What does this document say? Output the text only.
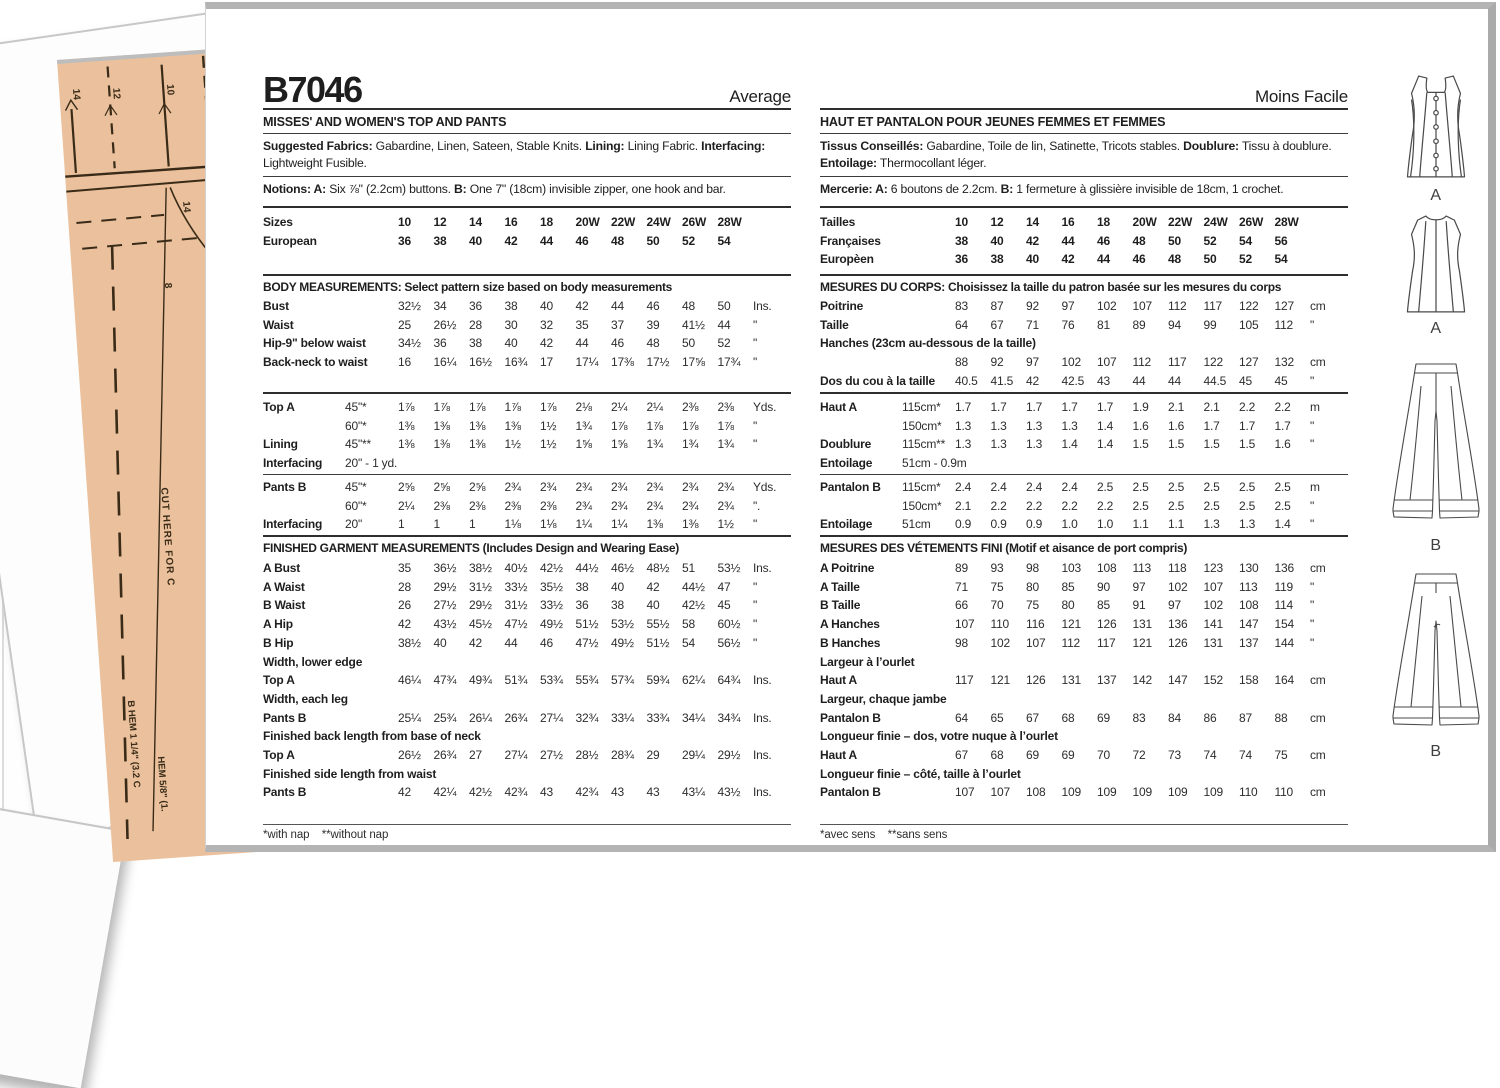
14	12	10
14
8
CUT HERE FOR C
B HEM 1 1/4" (3.2 C HEM 5/8" (1.
B7046	Average
MISSES' AND WOMEN'S TOP AND PANTS
Suggested Fabrics: Gabardine, Linen, Sateen, Stable Knits. Lining: Lining Fabric. Interfacing: Lightweight Fusible.
Notions: A: Six ⅞" (2.2cm) buttons. B: One 7" (18cm) invisible zipper, one hook and bar.
Sizes	10	12	14	16	18	20W 22W 24W 26W 28W
European	36	38	40	42	44	46	48	50	52	54
BODY MEASUREMENTS: Select pattern size based on body measurements
Bust	32½	34	36	38	40	42	44	46	48	50	Ins.
Waist	25	26½	28	30	32	35	37	39	41½	44	"
Hip-9" below waist	34½	36	38	40	42	44	46	48	50	52	"
Back-neck to waist	16	16¼	16½	16¾	17	17¼	17⅜	17½	17⅝	17¾	"
Top A	45"*	1⅞	1⅞	1⅞	1⅞	1⅞	2⅛	2¼	2¼	2⅜	2⅜	Yds.
60"*	1⅜	1⅜	1⅜	1⅜	1½	1¾	1⅞	1⅞	1⅞	1⅞	"
Lining	45"**	1⅜	1⅜	1⅜	1½	1½	1⅝	1⅝	1¾	1¾	1¾	"
Interfacing	20" - 1 yd.
Pants B	45"*	2⅝	2⅝	2⅝	2¾	2¾	2¾	2¾	2¾	2¾	2¾	Yds.
60"*	2¼	2⅜	2⅜	2⅜	2⅜	2¾	2¾	2¾	2¾	2¾	".
Interfacing	20"	1	1	1	1⅛	1⅛	1¼	1¼	1⅜	1⅜	1½	"
FINISHED GARMENT MEASUREMENTS (Includes Design and Wearing Ease)
A Bust	35	36½	38½	40½	42½	44½	46½	48½	51	53½	Ins.
A Waist	28	29½	31½	33½	35½	38	40	42	44½	47	"
B Waist	26	27½	29½	31½	33½	36	38	40	42½	45	"
A Hip	42	43½	45½	47½	49½	51½	53½	55½	58	60½	"
B Hip	38½	40	42	44	46	47½	49½	51½	54	56½	"
Width, lower edge
Top A	46¼	47¾	49¾	51¾	53¾	55¾	57¾	59¾	62¼	64¾	Ins.
Width, each leg
Pants B	25¼	25¾	26¼	26¾	27¼	32¾	33¼	33¾	34¼	34¾	Ins.
Finished back length from base of neck
Top A	26½	26¾	27	27¼	27½	28½	28¾	29	29¼	29½	Ins.
Finished side length from waist
Pants B	42	42¼	42½	42¾	43	42¾	43	43	43¼	43½	Ins.
*with nap    **without nap
Moins Facile
HAUT ET PANTALON POUR JEUNES FEMMES ET FEMMES
Tissus Conseillés: Gabardine, Toile de lin, Satinette, Tricots stables. Doublure: Tissu à doublure. Entoilage: Thermocollant léger.
Mercerie: A: 6 boutons de 2.2cm. B: 1 fermeture à glissière invisible de 18cm, 1 crochet.
Tailles	10	12	14	16	18	20W 22W 24W 26W 28W
Françaises	38	40	42	44	46	48	50	52	54	56
Europèen	36	38	40	42	44	46	48	50	52	54
MESURES DU CORPS: Choisissez la taille du patron basée sur les mesures du corps
Poitrine	83	87	92	97	102	107	112	117	122	127	cm
Taille	64	67	71	76	81	89	94	99	105	112	"
Hanches (23cm au-dessous de la taille)
88	92	97	102	107	112	117	122	127	132	cm
Dos du cou à la taille 40.5	41.5	42	42.5	43	44	44	44.5	45	45	"
Haut A	115cm*	1.7	1.7	1.7	1.7	1.7	1.9	2.1	2.1	2.2	2.2	m
150cm*	1.3	1.3	1.3	1.3	1.4	1.6	1.6	1.7	1.7	1.7	"
Doublure	115cm** 1.3	1.3	1.3	1.4	1.4	1.5	1.5	1.5	1.5	1.6	"
Entoilage	51cm - 0.9m
Pantalon B	115cm*	2.4	2.4	2.4	2.4	2.5	2.5	2.5	2.5	2.5	2.5	m
150cm*	2.1	2.2	2.2	2.2	2.2	2.5	2.5	2.5	2.5	2.5	"
Entoilage	51cm	0.9	0.9	0.9	1.0	1.0	1.1	1.1	1.3	1.3	1.4	"
MESURES DES VÉTEMENTS FINI (Motif et aisance de port compris)
A Poitrine	89	93	98	103	108	113	118	123	130	136	cm
A Taille	71	75	80	85	90	97	102	107	113	119	"
B Taille	66	70	75	80	85	91	97	102	108	114	"
A Hanches	107	110	116	121	126	131	136	141	147	154	"
B Hanches	98	102	107	112	117	121	126	131	137	144	"
Largeur à l’ourlet
Haut A	117	121	126	131	137	142	147	152	158	164	cm
Largeur, chaque jambe
Pantalon B	64	65	67	68	69	83	84	86	87	88	cm
Longueur finie – dos, votre nuque à l’ourlet
Haut A	67	68	69	69	70	72	73	74	74	75	cm
Longueur finie – côté, taille à l’ourlet
Pantalon B	107	107	108	109	109	109	109	109	110	110	cm
*avec sens    **sans sens
A
A
B
B
